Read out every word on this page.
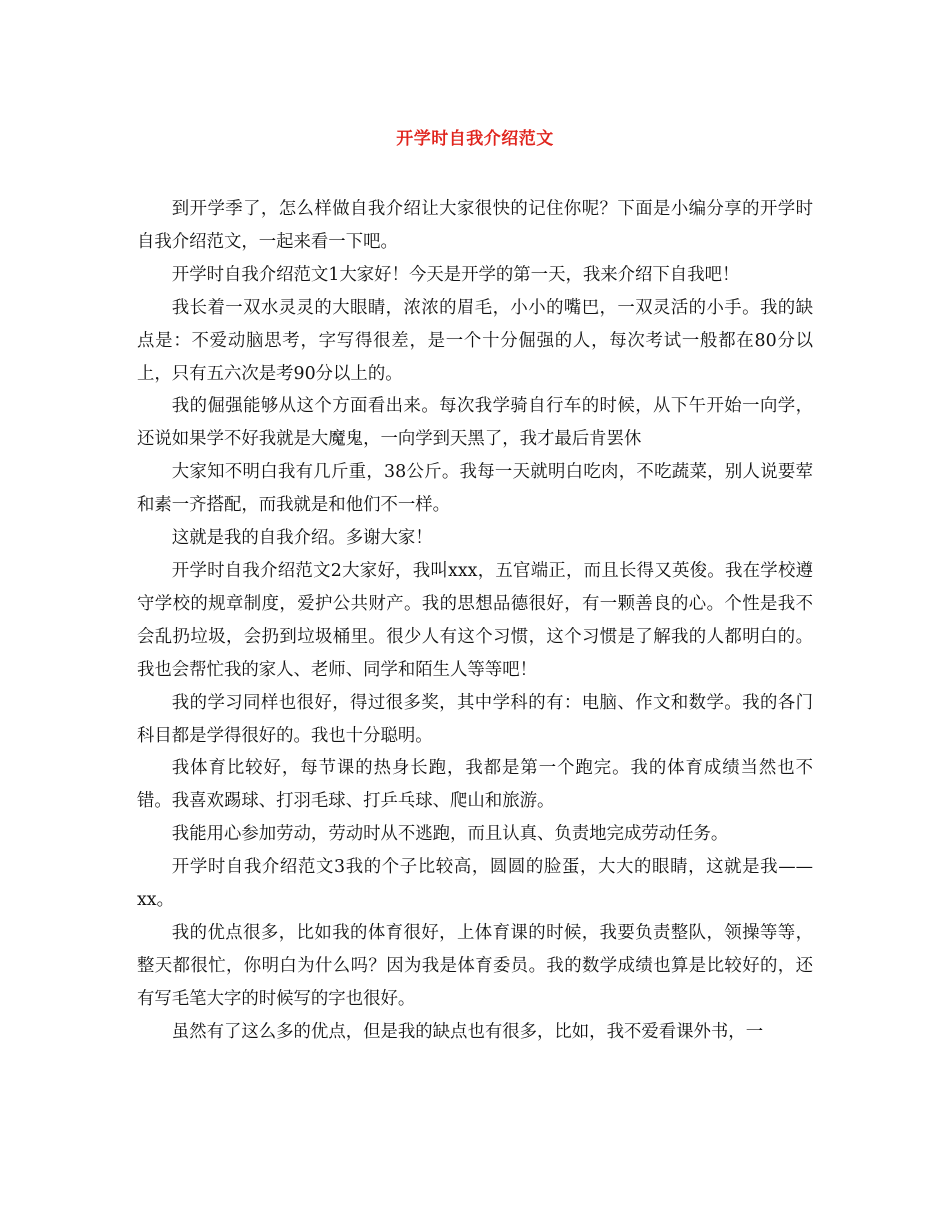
开学时自我介绍范文

到开学季了，怎么样做自我介绍让大家很快的记住你呢？下面是小编分享的开学时自我介绍范文，一起来看一下吧。

开学时自我介绍范文1大家好！今天是开学的第一天，我来介绍下自我吧！

我长着一双水灵灵的大眼睛，浓浓的眉毛，小小的嘴巴，一双灵活的小手。我的缺点是：不爱动脑思考，字写得很差，是一个十分倔强的人，每次考试一般都在80分以上，只有五六次是考90分以上的。

我的倔强能够从这个方面看出来。每次我学骑自行车的时候，从下午开始一向学，还说如果学不好我就是大魔鬼，一向学到天黑了，我才最后肯罢休

大家知不明白我有几斤重，38公斤。我每一天就明白吃肉，不吃蔬菜，别人说要荤和素一齐搭配，而我就是和他们不一样。

这就是我的自我介绍。多谢大家！

开学时自我介绍范文2大家好，我叫xxx，五官端正，而且长得又英俊。我在学校遵守学校的规章制度，爱护公共财产。我的思想品德很好，有一颗善良的心。个性是我不会乱扔垃圾，会扔到垃圾桶里。很少人有这个习惯，这个习惯是了解我的人都明白的。我也会帮忙我的家人、老师、同学和陌生人等等吧！

我的学习同样也很好，得过很多奖，其中学科的有：电脑、作文和数学。我的各门科目都是学得很好的。我也十分聪明。

我体育比较好，每节课的热身长跑，我都是第一个跑完。我的体育成绩当然也不错。我喜欢踢球、打羽毛球、打乒乓球、爬山和旅游。

我能用心参加劳动，劳动时从不逃跑，而且认真、负责地完成劳动任务。

开学时自我介绍范文3我的个子比较高，圆圆的脸蛋，大大的眼睛，这就是我——xx。

我的优点很多，比如我的体育很好，上体育课的时候，我要负责整队，领操等等，整天都很忙，你明白为什么吗？因为我是体育委员。我的数学成绩也算是比较好的，还有写毛笔大字的时候写的字也很好。

虽然有了这么多的优点，但是我的缺点也有很多，比如，我不爱看课外书，一
